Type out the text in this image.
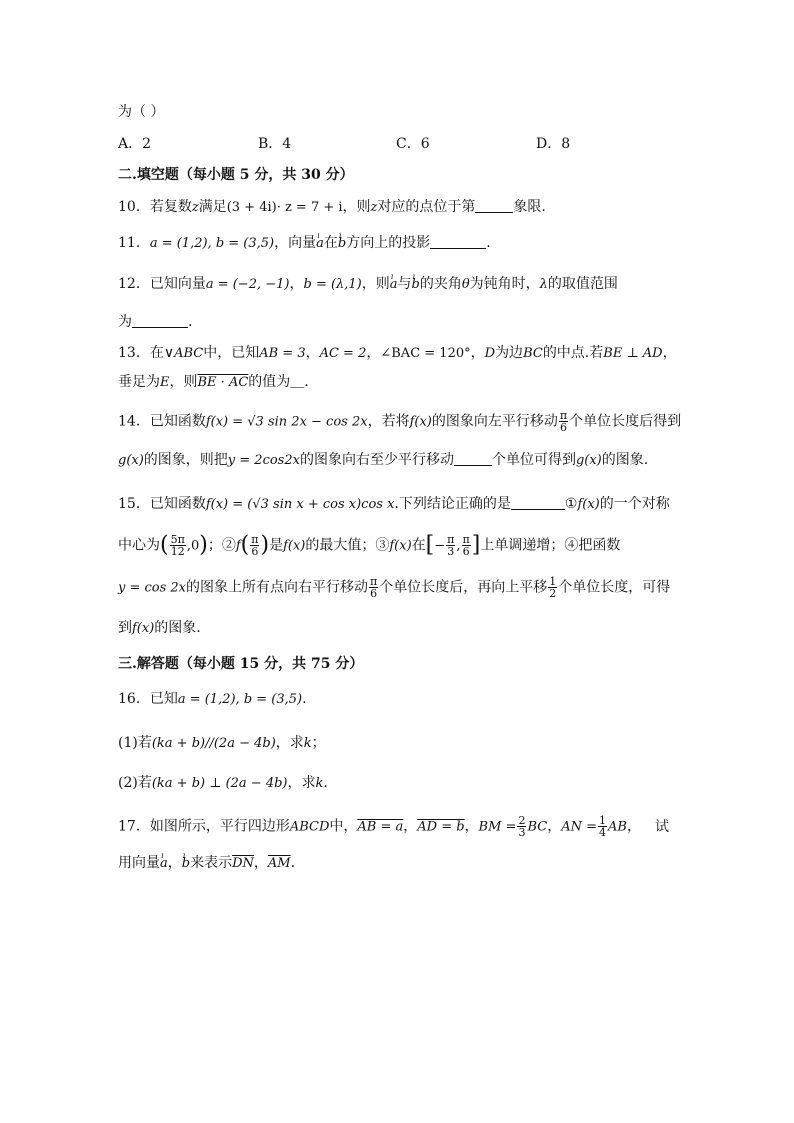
为（ ）
A．2	B．4	C．6	D．8
二.填空题（每小题 5 分，共 30 分）
10．若复数z满足(3 + 4i)· z = 7 + i，则z对应的点位于第	象限.
11．a = (1,2), b = (3,5)，向量ı a在ı b方向上的投影	.
12．已知向量a = (−2, −1)，b = (λ,1)，则ı a与ı b的夹角θ为钝角时，λ的取值范围
为	.
13．在∨ABC中，已知AB = 3，AC = 2，∠BAC = 120°，D为边BC的中点.若BE ⊥ AD，
垂足为E，则BE · AC的值为＿.
14．已知函数f(x) = √3 sin 2x − cos 2x，若将f(x)的图象向左平行移动 $\frac{\pi}{6}$ 个单位长度后得到
g(x)的图象，则把y = 2cos2x的图象向右至少平行移动	个单位可得到g(x)的图象.
15．已知函数f(x) = (√3 sin x + cos x)cos x.下列结论正确的是	①f(x)的一个对称
中心为( $\frac{5\pi}{12} ,0$)；②f( $\frac{\pi}{6}$ )是f(x)的最大值；③f(x)在[− $\frac{\pi}{3}$ , $\frac{\pi}{6}$ ]上单调递增；④把函数
y = cos 2x的图象上所有点向右平行移动 $\frac{\pi}{6}$ 个单位长度后，再向上平移 $\frac{1}{2}$ 个单位长度，可得
到f(x)的图象.
三.解答题（每小题 15 分，共 75 分）
16．已知a = (1,2), b = (3,5).
(1)若(ka + b)//(2a − 4b)，求k；
(2)若(ka + b) ⊥ (2a − 4b)，求k.
17．如图所示，平行四边形ABCD中，AB = a，AD = b，BM = $\frac{2}{3}$ BC，AN = $\frac{1}{4}$ AB， 试
用向量ı a，ı b来表示$\overline{DN}$，$\overline{AM}$.
